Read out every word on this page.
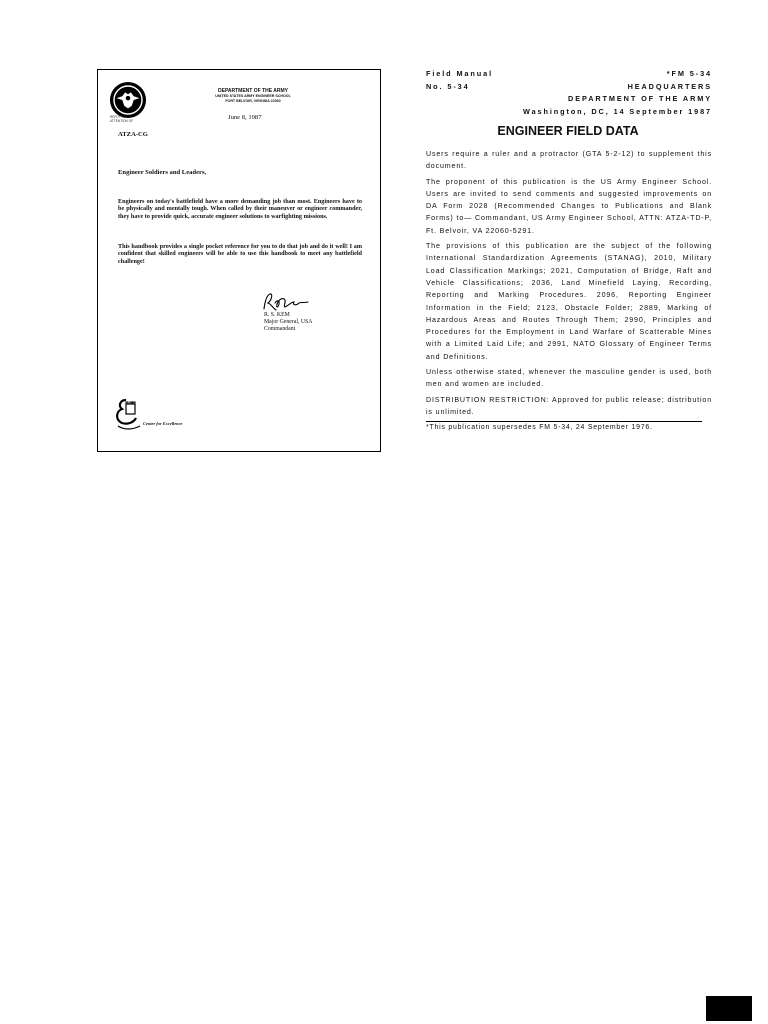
DEPARTMENT OF THE ARMY
UNITED STATES ARMY ENGINEER SCHOOL
FORT BELVOIR, VIRGINIA 22060
REPLY TO ATTENTION OF	June 8, 1987
ATZA-CG
Engineer Soldiers and Leaders,

Engineers on today's battlefield have a more demanding job than most. Engineers have to be physically and mentally tough. When called by their maneuver or engineer commander, they have to provide quick, accurate engineer solutions to warfighting missions.

This handbook provides a single pocket reference for you to do that job and do it well! I am confident that skilled engineers will be able to use this handbook to meet any battlefield challenge!

R. S. KEM
Major General, USA
Commandant
Center for Excellence
Field Manual	*FM 5-34
No. 5-34	HEADQUARTERS
DEPARTMENT OF THE ARMY
Washington, DC, 14 September 1987
ENGINEER FIELD DATA

Users require a ruler and a protractor (GTA 5-2-12) to supplement this document.

The proponent of this publication is the US Army Engineer School. Users are invited to send comments and suggested improvements on DA Form 2028 (Recommended Changes to Publications and Blank Forms) to— Commandant, US Army Engineer School, ATTN: ATZA-TD-P, Ft. Belvoir, VA 22060-5291.

The provisions of this publication are the subject of the following International Standardization Agreements (STANAG), 2010, Military Load Classification Markings; 2021, Computation of Bridge, Raft and Vehicle Classifications; 2036, Land Minefield Laying, Recording, Reporting and Marking Procedures. 2096, Reporting Engineer Information in the Field; 2123, Obstacle Folder; 2889, Marking of Hazardous Areas and Routes Through Them; 2990, Principles and Procedures for the Employment in Land Warfare of Scatterable Mines with a Limited Laid Life; and 2991, NATO Glossary of Engineer Terms and Definitions.

Unless otherwise stated, whenever the masculine gender is used, both men and women are included.

DISTRIBUTION RESTRICTION: Approved for public release; distribution is unlimited.

*This publication supersedes FM 5-34, 24 September 1976.
